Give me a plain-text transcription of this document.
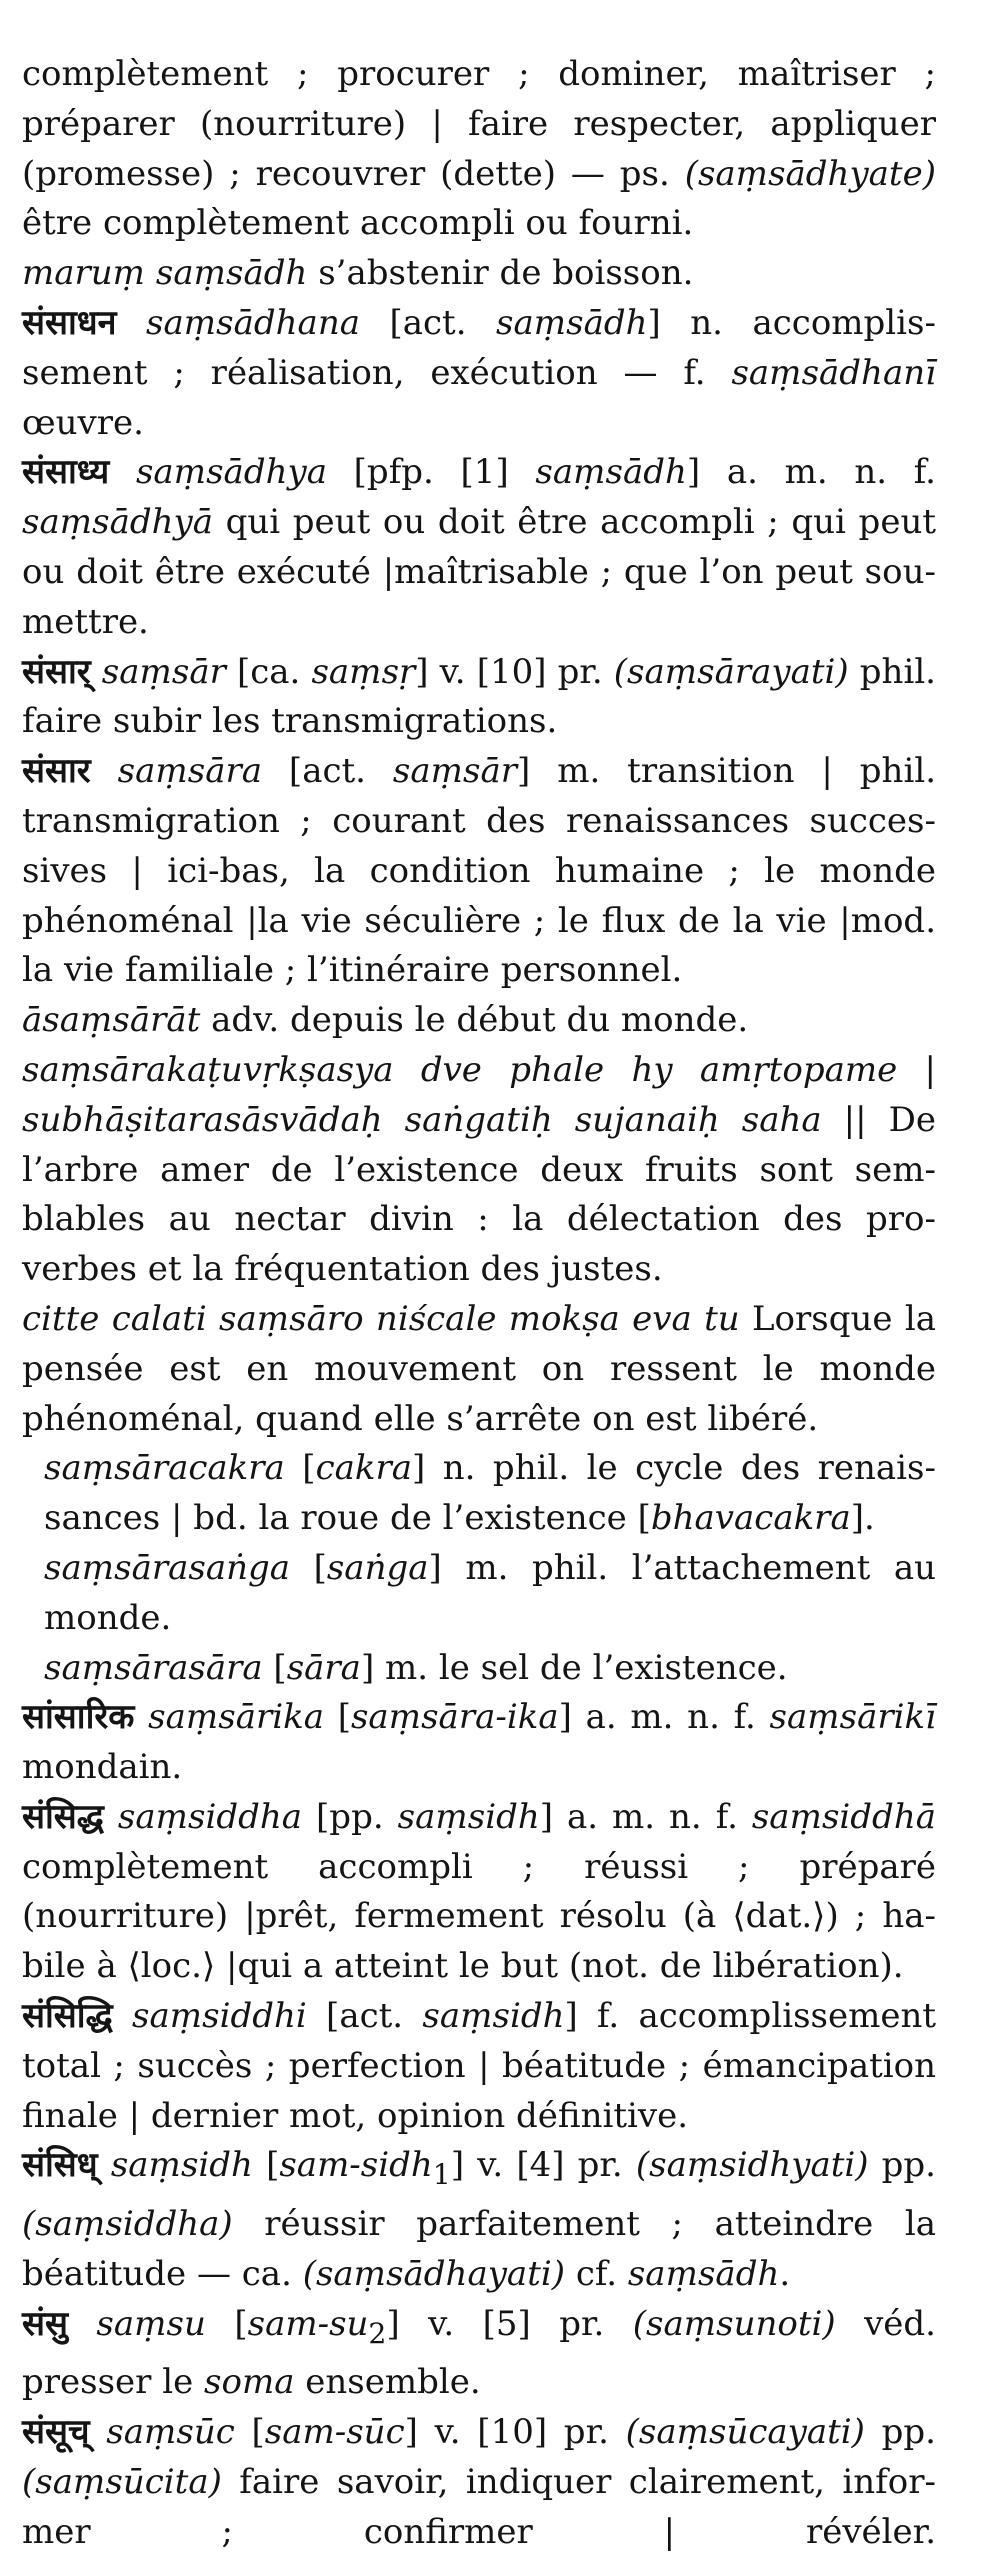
complètement ; procurer ; dominer, maîtriser ; préparer (nourriture) | faire respecter, appliquer (promesse) ; recouvrer (dette) — ps. (saṃsādhyate) être complètement accompli ou fourni.

maruṃ saṃsādh s’abstenir de boisson.

संसाधन saṃsādhana [act. saṃsādh] n. accomplissement ; réalisation, exécution — f. saṃsādhanī œuvre.

संसाध्य saṃsādhya [pfp. [1] saṃsādh] a. m. n. f. saṃsādhyā qui peut ou doit être accompli ; qui peut ou doit être exécuté |maîtrisable ; que l’on peut soumettre.

संसार् saṃsār [ca. saṃsṛ] v. [10] pr. (saṃsārayati) phil. faire subir les transmigrations.

संसार saṃsāra [act. saṃsār] m. transition | phil. transmigration ; courant des renaissances successives | ici-bas, la condition humaine ; le monde phénoménal |la vie séculière ; le flux de la vie |mod. la vie familiale ; l’itinéraire personnel.

āsaṃsārāt adv. depuis le début du monde.

saṃsārakaṭuvṛkṣasya dve phale hy amṛtopame | subhāṣitarasāsvādaḥ saṅgatiḥ sujanaiḥ saha || De l’arbre amer de l’existence deux fruits sont semblables au nectar divin : la délectation des proverbes et la fréquentation des justes.

citte calati saṃsāro niścale mokṣa eva tu Lorsque la pensée est en mouvement on ressent le monde phénoménal, quand elle s’arrête on est libéré.

saṃsāracakra [cakra] n. phil. le cycle des renaissances | bd. la roue de l’existence [bhavacakra].

saṃsārasaṅga [saṅga] m. phil. l’attachement au monde.

saṃsārasāra [sāra] m. le sel de l’existence.

सांसारिक saṃsārika [saṃsāra-ika] a. m. n. f. saṃsārikī mondain.

संसिद्ध saṃsiddha [pp. saṃsidh] a. m. n. f. saṃsiddhā complètement accompli ; réussi ; préparé (nourriture) |prêt, fermement résolu (à ⟨dat.⟩) ; habile à ⟨loc.⟩ |qui a atteint le but (not. de libération).

संसिद्धि saṃsiddhi [act. saṃsidh] f. accomplissement total ; succès ; perfection | béatitude ; émancipation finale | dernier mot, opinion définitive.

संसिध् saṃsidh [sam-sidh$_1$] v. [4] pr. (saṃsidhyati) pp. (saṃsiddha) réussir parfaitement ; atteindre la béatitude — ca. (saṃsādhayati) cf. saṃsādh.

संसु saṃsu $[sam-su_2]$ v. [5] pr. (saṃsunoti) véd. presser le soma ensemble.

संसूच् saṃsūc [sam-sūc] v. [10] pr. (saṃsūcayati) pp. (saṃsūcita) faire savoir, indiquer clairement, informer ; confirmer | révéler.
